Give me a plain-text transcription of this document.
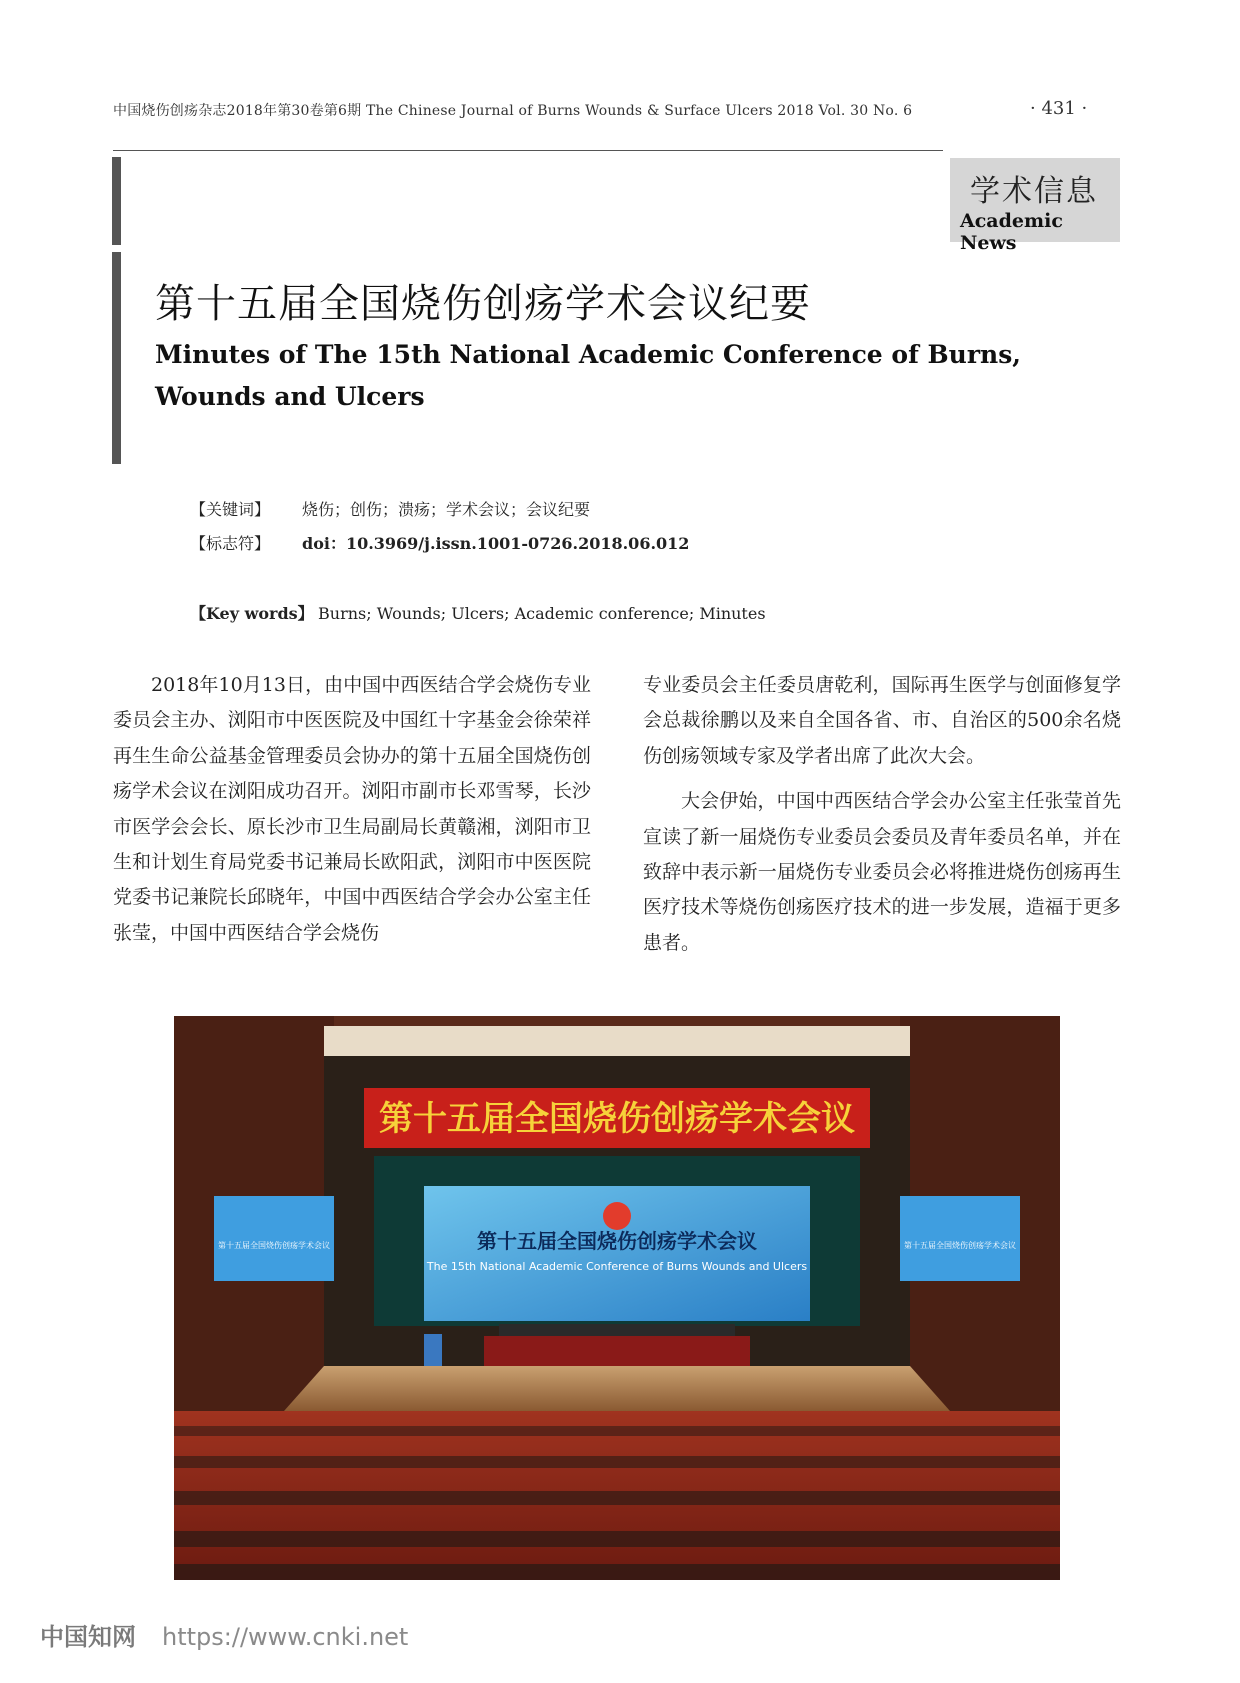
中国烧伤创疡杂志2018年第30卷第6期 The Chinese Journal of Burns Wounds & Surface Ulcers 2018 Vol. 30 No. 6	· 431 ·
学术信息
Academic News
第十五届全国烧伤创疡学术会议纪要
Minutes of The 15th National Academic Conference of Burns, Wounds and Ulcers
【关键词】 烧伤；创伤；溃疡；学术会议；会议纪要
【标志符】 doi：10.3969/j.issn.1001-0726.2018.06.012
【Key words】 Burns; Wounds; Ulcers; Academic conference; Minutes

2018年10月13日，由中国中西医结合学会烧伤专业委员会主办、浏阳市中医医院及中国红十字基金会徐荣祥再生生命公益基金管理委员会协办的第十五届全国烧伤创疡学术会议在浏阳成功召开。浏阳市副市长邓雪琴，长沙市医学会会长、原长沙市卫生局副局长黄赣湘，浏阳市卫生和计划生育局党委书记兼局长欧阳武，浏阳市中医医院党委书记兼院长邱晓年，中国中西医结合学会办公室主任张莹，中国中西医结合学会烧伤

专业委员会主任委员唐乾利，国际再生医学与创面修复学会总裁徐鹏以及来自全国各省、市、自治区的500余名烧伤创疡领域专家及学者出席了此次大会。

大会伊始，中国中西医结合学会办公室主任张莹首先宣读了新一届烧伤专业委员会委员及青年委员名单，并在致辞中表示新一届烧伤专业委员会必将推进烧伤创疡再生医疗技术等烧伤创疡医疗技术的进一步发展，造福于更多患者。

第十五届全国烧伤创疡学术会议
第十五届全国烧伤创疡学术会议
The 15th National Academic Conference of Burns Wounds and Ulcers
第十五届全国烧伤创疡学术会议	第十五届全国烧伤创疡学术会议
中国知网 https://www.cnki.net
